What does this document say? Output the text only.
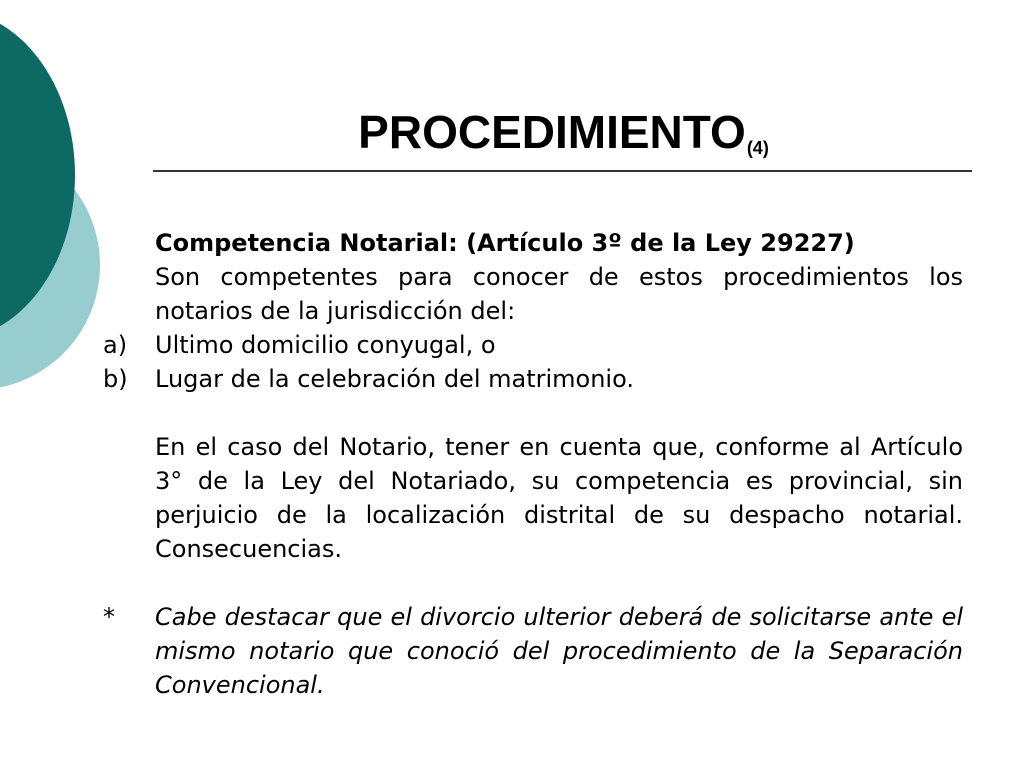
$PROCEDIMIENTO_{(4)}$

Competencia Notarial: (Artículo 3º de la Ley 29227)

Son competentes para conocer de estos procedimientos los notarios de la jurisdicción del:

a) Ultimo domicilio conyugal, o

b) Lugar de la celebración del matrimonio.

En el caso del Notario, tener en cuenta que, conforme al Artículo 3° de la Ley del Notariado, su competencia es provincial, sin perjuicio de la localización distrital de su despacho notarial. Consecuencias.

* Cabe destacar que el divorcio ulterior deberá de solicitarse ante el mismo notario que conoció del procedimiento de la Separación Convencional.
